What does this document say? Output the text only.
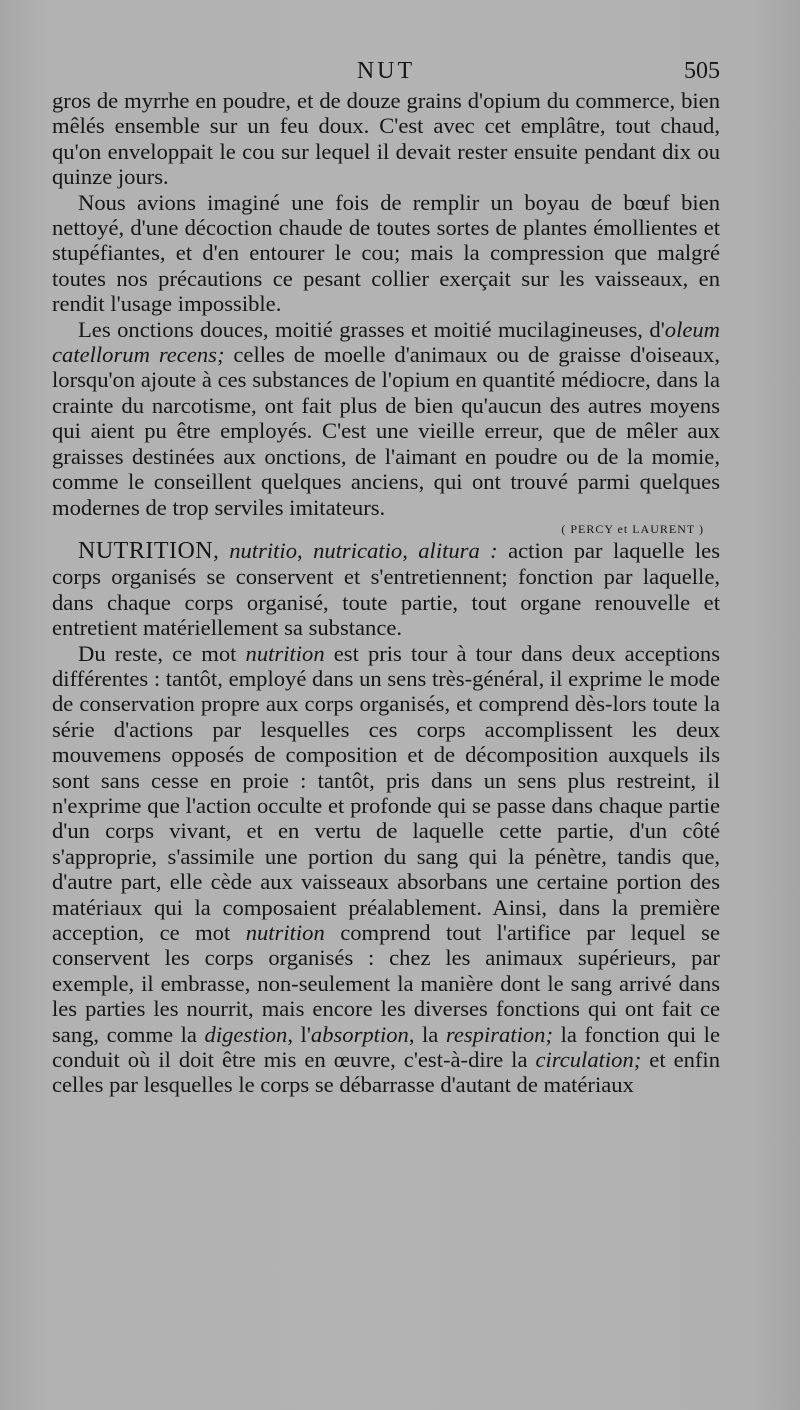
NUT	505

gros de myrrhe en poudre, et de douze grains d'opium du commerce, bien mêlés ensemble sur un feu doux. C'est avec cet emplâtre, tout chaud, qu'on enveloppait le cou sur lequel il devait rester ensuite pendant dix ou quinze jours.

Nous avions imaginé une fois de remplir un boyau de bœuf bien nettoyé, d'une décoction chaude de toutes sortes de plantes émollientes et stupéfiantes, et d'en entourer le cou; mais la compression que malgré toutes nos précautions ce pesant collier exerçait sur les vaisseaux, en rendit l'usage impossible.

Les onctions douces, moitié grasses et moitié mucilagineuses, d'oleum catellorum recens; celles de moelle d'animaux ou de graisse d'oiseaux, lorsqu'on ajoute à ces substances de l'opium en quantité médiocre, dans la crainte du narcotisme, ont fait plus de bien qu'aucun des autres moyens qui aient pu être employés. C'est une vieille erreur, que de mêler aux graisses destinées aux onctions, de l'aimant en poudre ou de la momie, comme le conseillent quelques anciens, qui ont trouvé parmi quelques modernes de trop serviles imitateurs.

( PERCY et LAURENT )

NUTRITION, nutritio, nutricatio, alitura : action par laquelle les corps organisés se conservent et s'entretiennent; fonction par laquelle, dans chaque corps organisé, toute partie, tout organe renouvelle et entretient matériellement sa substance.

Du reste, ce mot nutrition est pris tour à tour dans deux acceptions différentes : tantôt, employé dans un sens très-général, il exprime le mode de conservation propre aux corps organisés, et comprend dès-lors toute la série d'actions par lesquelles ces corps accomplissent les deux mouvemens opposés de composition et de décomposition auxquels ils sont sans cesse en proie : tantôt, pris dans un sens plus restreint, il n'exprime que l'action occulte et profonde qui se passe dans chaque partie d'un corps vivant, et en vertu de laquelle cette partie, d'un côté s'approprie, s'assimile une portion du sang qui la pénètre, tandis que, d'autre part, elle cède aux vaisseaux absorbans une certaine portion des matériaux qui la composaient préalablement. Ainsi, dans la première acception, ce mot nutrition comprend tout l'artifice par lequel se conservent les corps organisés : chez les animaux supérieurs, par exemple, il embrasse, non-seulement la manière dont le sang arrivé dans les parties les nourrit, mais encore les diverses fonctions qui ont fait ce sang, comme la digestion, l'absorption, la respiration; la fonction qui le conduit où il doit être mis en œuvre, c'est-à-dire la circulation; et enfin celles par lesquelles le corps se débarrasse d'autant de matériaux
